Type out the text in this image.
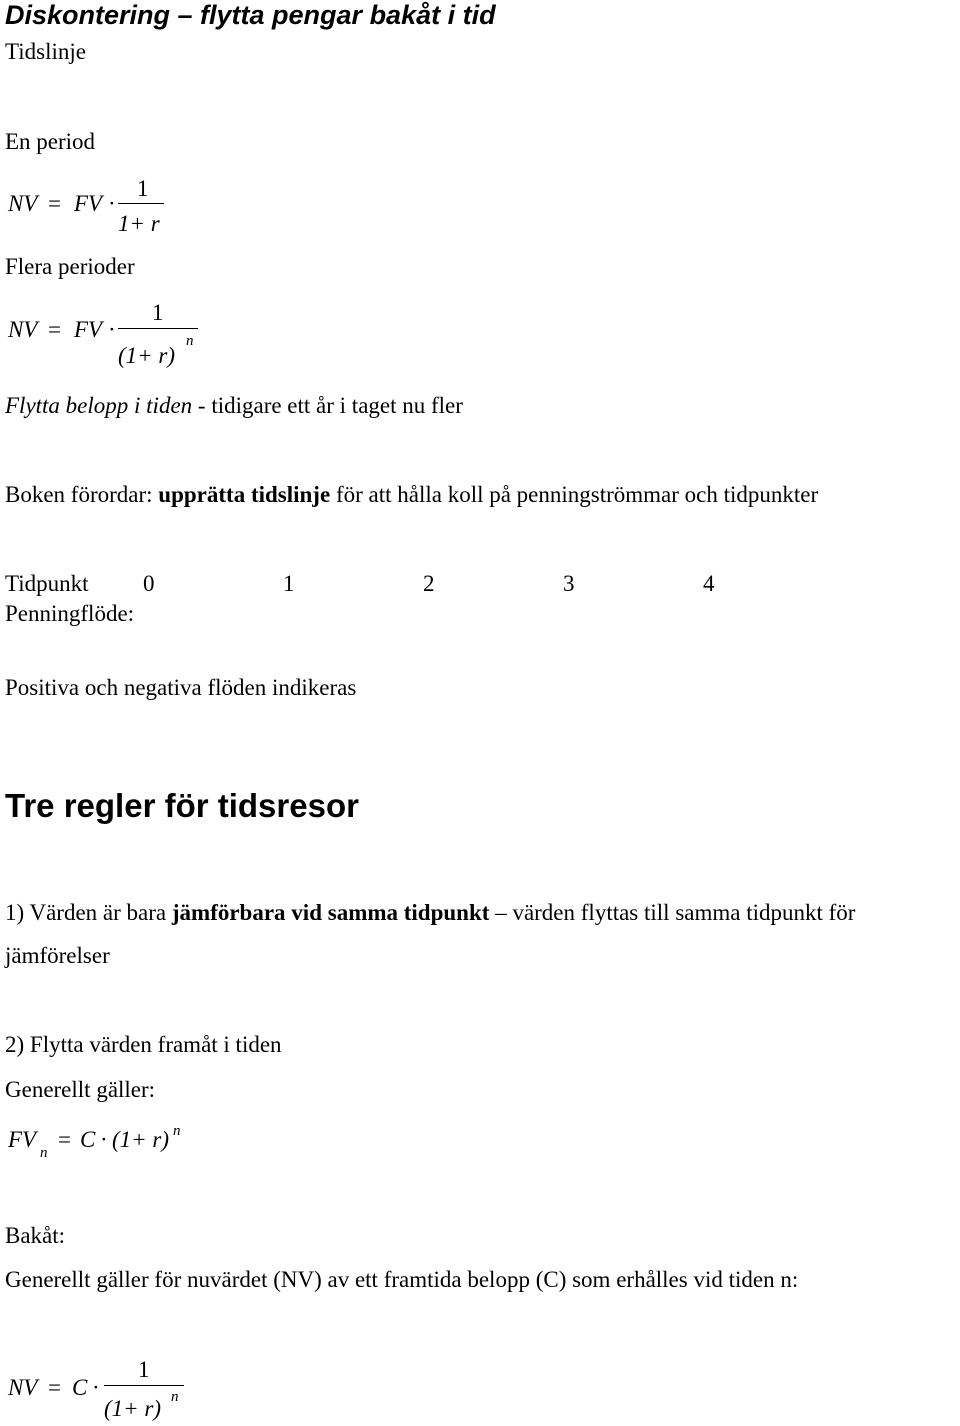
Diskontering – flytta pengar bakåt i tid
Tidslinje
En period
NV = FV ·
1
1+ r
Flera perioder
NV = FV ·
1
(1+ r)
n
Flytta belopp i tiden - tidigare ett år i taget nu fler
Boken förordar: upprätta tidslinje för att hålla koll på penningströmmar och tidpunkter
Tidpunkt 0	1	2	3	4
Penningflöde:
Positiva och negativa flöden indikeras
Tre regler för tidsresor
1) Värden är bara jämförbara vid samma tidpunkt – värden flyttas till samma tidpunkt för
jämförelser
2) Flytta värden framåt i tiden
Generellt gäller:
FV
n
= C · (1+ r) n
Bakåt:
Generellt gäller för nuvärdet (NV) av ett framtida belopp (C) som erhålles vid tiden n:
NV = C ·
1
(1+ r) n
